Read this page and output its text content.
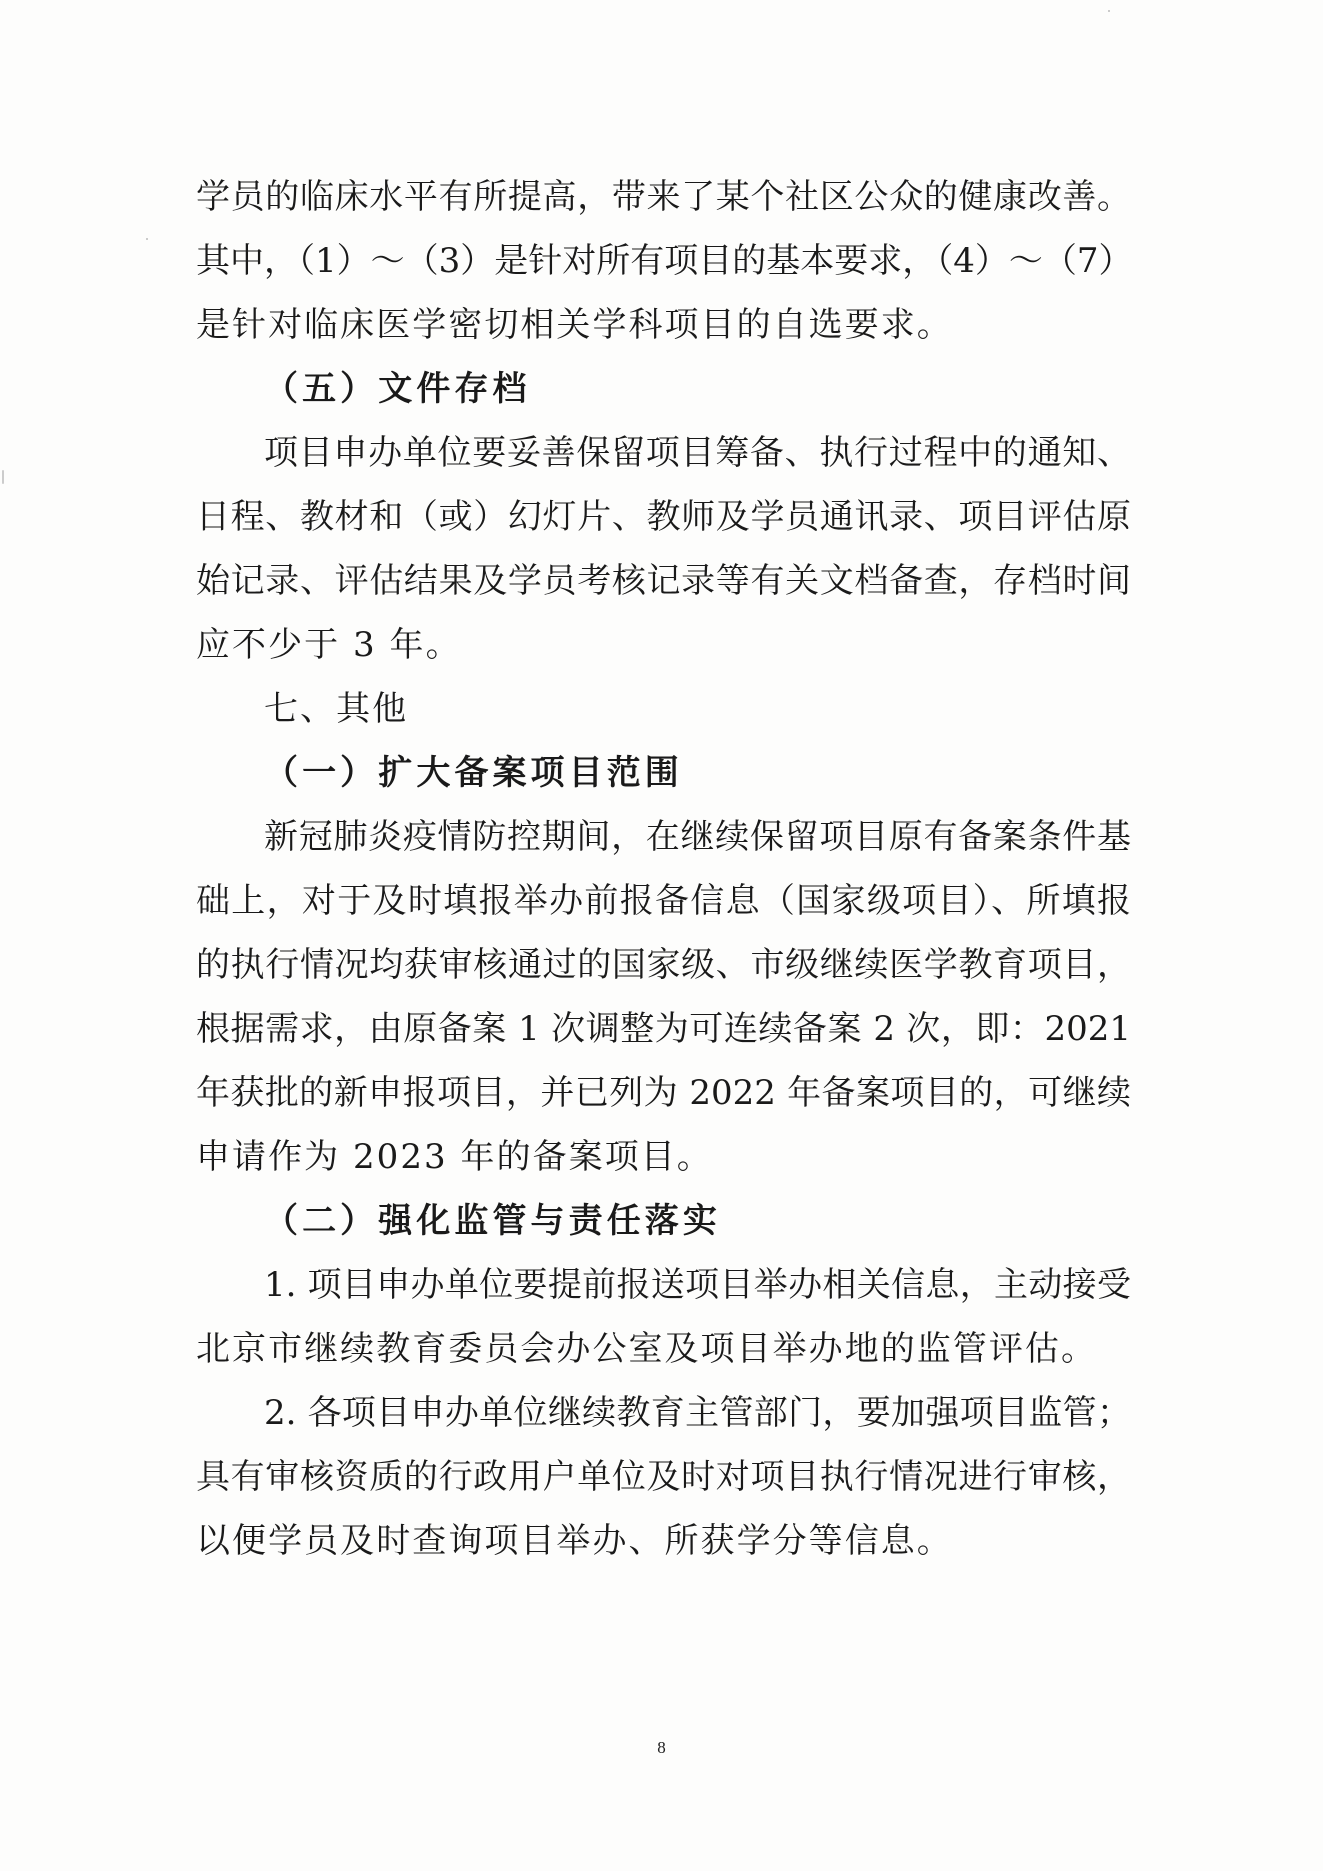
学员的临床水平有所提高，带来了某个社区公众的健康改善。
其中，（1）～（3）是针对所有项目的基本要求，（4）～（7）
是针对临床医学密切相关学科项目的自选要求。
（五）文件存档
项目申办单位要妥善保留项目筹备、执行过程中的通知、
日程、教材和（或）幻灯片、教师及学员通讯录、项目评估原
始记录、评估结果及学员考核记录等有关文档备查，存档时间
应不少于 3 年。
七、其他
（一）扩大备案项目范围
新冠肺炎疫情防控期间，在继续保留项目原有备案条件基
础上，对于及时填报举办前报备信息（国家级项目）、所填报
的执行情况均获审核通过的国家级、市级继续医学教育项目，
根据需求，由原备案 1 次调整为可连续备案 2 次，即：2021
年获批的新申报项目，并已列为 2022 年备案项目的，可继续
申请作为 2023 年的备案项目。
（二）强化监管与责任落实
1. 项目申办单位要提前报送项目举办相关信息，主动接受
北京市继续教育委员会办公室及项目举办地的监管评估。
2. 各项目申办单位继续教育主管部门，要加强项目监管；
具有审核资质的行政用户单位及时对项目执行情况进行审核，
以便学员及时查询项目举办、所获学分等信息。
8
